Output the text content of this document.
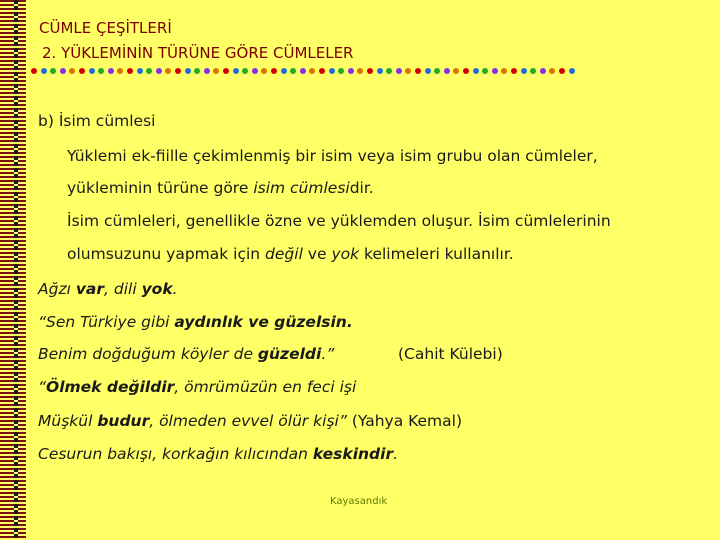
CÜMLE ÇEŞİTLERİ
2. YÜKLEMİNİN TÜRÜNE GÖRE CÜMLELER
b) İsim cümlesi
Yüklemi ek-fiille çekimlenmiş bir isim veya isim grubu olan cümleler,
yükleminin türüne göre isim cümlesidir.
İsim cümleleri, genellikle özne ve yüklemden oluşur. İsim cümlelerinin
olumsuzunu yapmak için değil ve yok kelimeleri kullanılır.
Ağzı var, dili yok.
“Sen Türkiye gibi aydınlık ve güzelsin.
Benim doğduğum köyler de güzeldi.”	(Cahit Külebi)
“Ölmek değildir, ömrümüzün en feci işi
Müşkül budur, ölmeden evvel ölür kişi” (Yahya Kemal)
Cesurun bakışı, korkağın kılıcından keskindir.
Kayasandık
